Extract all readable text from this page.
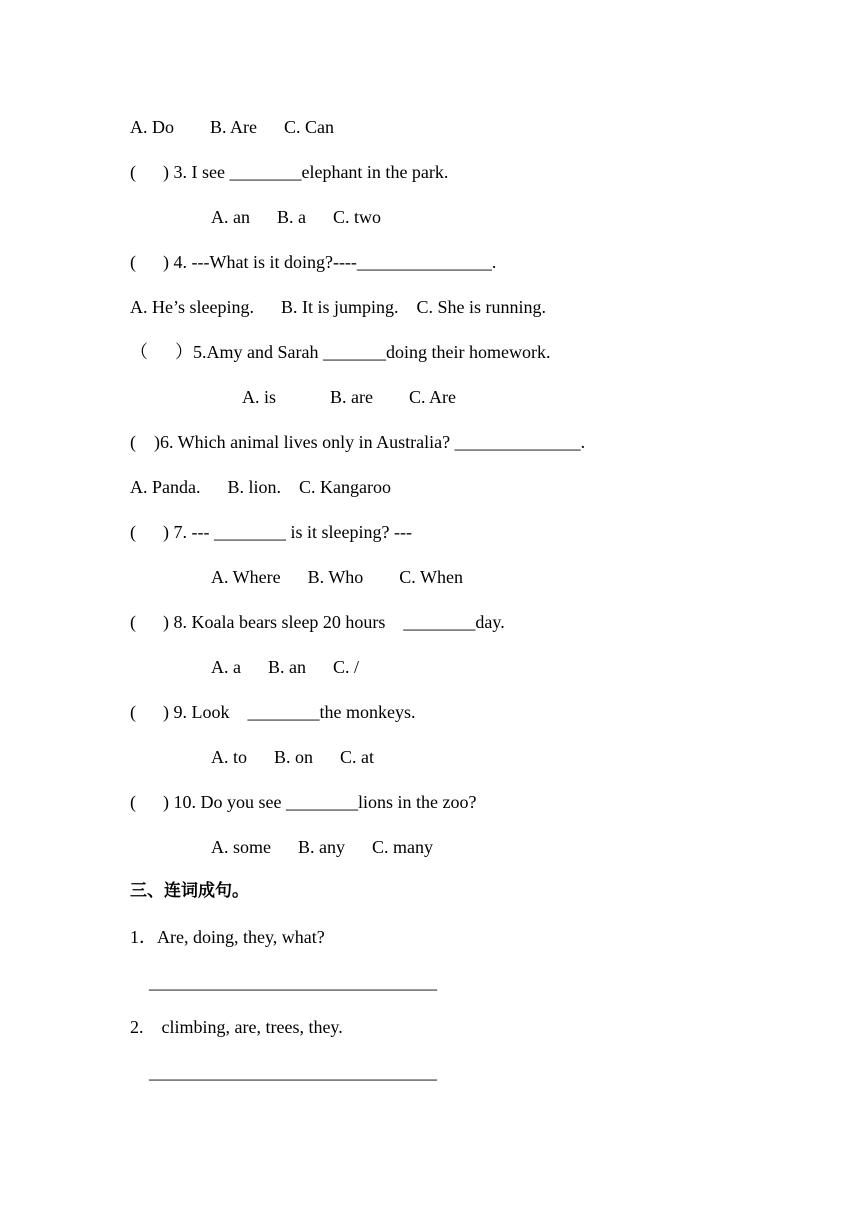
A. Do        B. Are      C. Can
(      ) 3. I see ________elephant in the park.
A. an      B. a      C. two
(      ) 4. ---What is it doing?----_______________.
A. He’s sleeping.      B. It is jumping.    C. She is running.
（      ）5.Amy and Sarah _______doing their homework.
A. is            B. are        C. Are
(    )6. Which animal lives only in Australia? ______________.
A. Panda.      B. lion.    C. Kangaroo
(      ) 7. --- ________ is it sleeping? ---
A. Where      B. Who        C. When
(      ) 8. Koala bears sleep 20 hours    ________day.
A. a      B. an      C. /
(      ) 9. Look    ________the monkeys.
A. to      B. on      C. at
(      ) 10. Do you see ________lions in the zoo?
A. some      B. any      C. many
三、连词成句。
1．Are, doing, they, what?
________________________________
2.    climbing, are, trees, they.
________________________________
